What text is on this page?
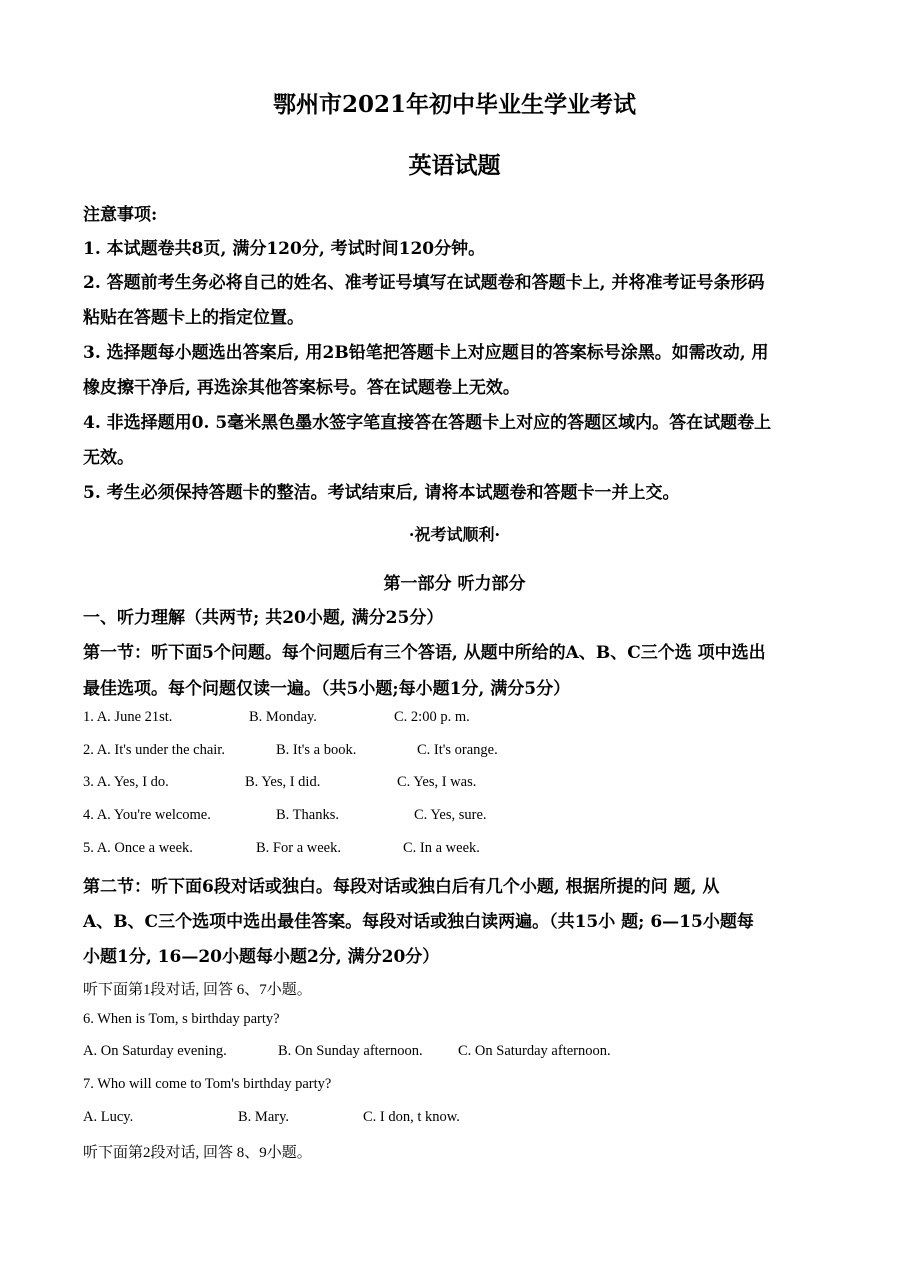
鄂州市2021年初中毕业生学业考试
英语试题
注意事项:
1. 本试题卷共8页, 满分120分, 考试时间120分钟。
2. 答题前考生务必将自己的姓名、准考证号填写在试题卷和答题卡上, 并将准考证号条形码
粘贴在答题卡上的指定位置。
3. 选择题每小题选出答案后, 用2B铅笔把答题卡上对应题目的答案标号涂黑。如需改动, 用
橡皮擦干净后, 再选涂其他答案标号。答在试题卷上无效。
4. 非选择题用0. 5毫米黑色墨水签字笔直接答在答题卡上对应的答题区域内。答在试题卷上
无效。
5. 考生必须保持答题卡的整洁。考试结束后, 请将本试题卷和答题卡一并上交。
·祝考试顺利·
第一部分 听力部分
一、听力理解（共两节; 共20小题, 满分25分）
第一节：听下面5个问题。每个问题后有三个答语, 从题中所给的A、B、C三个选 项中选出
最佳选项。每个问题仅读一遍。（共5小题;每小题1分, 满分5分）
1. A. June 21st.	B. Monday.	C. 2:00 p. m.
2. A. It's under the chair.	B. It's a book.	C. It's orange.
3. A. Yes, I do.	B. Yes, I did.	C. Yes, I was.
4. A. You're welcome.	B. Thanks.	C. Yes, sure.
5. A. Once a week.	B. For a week.	C. In a week.
第二节：听下面6段对话或独白。每段对话或独白后有几个小题, 根据所提的问 题, 从
A、B、C三个选项中选出最佳答案。每段对话或独白读两遍。（共15小 题; 6—15小题每
小题1分, 16—20小题每小题2分, 满分20分）
听下面第1段对话, 回答 6、7小题。
6. When is Tom, s birthday party?
A. On Saturday evening.	B. On Sunday afternoon. C. On Saturday afternoon.
7. Who will come to Tom's birthday party?
A. Lucy.	B. Mary.	C. I don, t know.
听下面第2段对话, 回答 8、9小题。
